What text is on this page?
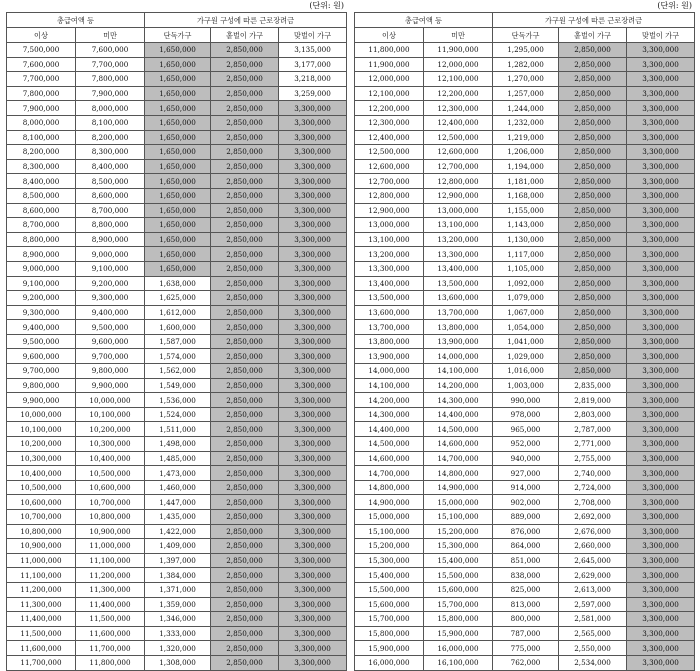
(단위: 원)
총급여액 등		가구원 구성에 따른 근로장려금		
이상	미만	단독가구	홑벌이 가구	맞벌이 가구
7,500,000	7,600,000	1,650,000	2,850,000	3,135,000
7,600,000	7,700,000	1,650,000	2,850,000	3,177,000
7,700,000	7,800,000	1,650,000	2,850,000	3,218,000
7,800,000	7,900,000	1,650,000	2,850,000	3,259,000
7,900,000	8,000,000	1,650,000	2,850,000	3,300,000
8,000,000	8,100,000	1,650,000	2,850,000	3,300,000
8,100,000	8,200,000	1,650,000	2,850,000	3,300,000
8,200,000	8,300,000	1,650,000	2,850,000	3,300,000
8,300,000	8,400,000	1,650,000	2,850,000	3,300,000
8,400,000	8,500,000	1,650,000	2,850,000	3,300,000
8,500,000	8,600,000	1,650,000	2,850,000	3,300,000
8,600,000	8,700,000	1,650,000	2,850,000	3,300,000
8,700,000	8,800,000	1,650,000	2,850,000	3,300,000
8,800,000	8,900,000	1,650,000	2,850,000	3,300,000
8,900,000	9,000,000	1,650,000	2,850,000	3,300,000
9,000,000	9,100,000	1,650,000	2,850,000	3,300,000
9,100,000	9,200,000	1,638,000	2,850,000	3,300,000
9,200,000	9,300,000	1,625,000	2,850,000	3,300,000
9,300,000	9,400,000	1,612,000	2,850,000	3,300,000
9,400,000	9,500,000	1,600,000	2,850,000	3,300,000
9,500,000	9,600,000	1,587,000	2,850,000	3,300,000
9,600,000	9,700,000	1,574,000	2,850,000	3,300,000
9,700,000	9,800,000	1,562,000	2,850,000	3,300,000
9,800,000	9,900,000	1,549,000	2,850,000	3,300,000
9,900,000	10,000,000	1,536,000	2,850,000	3,300,000
10,000,000	10,100,000	1,524,000	2,850,000	3,300,000
10,100,000	10,200,000	1,511,000	2,850,000	3,300,000
10,200,000	10,300,000	1,498,000	2,850,000	3,300,000
10,300,000	10,400,000	1,485,000	2,850,000	3,300,000
10,400,000	10,500,000	1,473,000	2,850,000	3,300,000
10,500,000	10,600,000	1,460,000	2,850,000	3,300,000
10,600,000	10,700,000	1,447,000	2,850,000	3,300,000
10,700,000	10,800,000	1,435,000	2,850,000	3,300,000
10,800,000	10,900,000	1,422,000	2,850,000	3,300,000
10,900,000	11,000,000	1,409,000	2,850,000	3,300,000
11,000,000	11,100,000	1,397,000	2,850,000	3,300,000
11,100,000	11,200,000	1,384,000	2,850,000	3,300,000
11,200,000	11,300,000	1,371,000	2,850,000	3,300,000
11,300,000	11,400,000	1,359,000	2,850,000	3,300,000
11,400,000	11,500,000	1,346,000	2,850,000	3,300,000
11,500,000	11,600,000	1,333,000	2,850,000	3,300,000
11,600,000	11,700,000	1,320,000	2,850,000	3,300,000
11,700,000	11,800,000	1,308,000	2,850,000	3,300,000
(단위: 원)
총급여액 등		가구원 구성에 따른 근로장려금		
이상	미만	단독가구	홑벌이 가구	맞벌이 가구
11,800,000	11,900,000	1,295,000	2,850,000	3,300,000
11,900,000	12,000,000	1,282,000	2,850,000	3,300,000
12,000,000	12,100,000	1,270,000	2,850,000	3,300,000
12,100,000	12,200,000	1,257,000	2,850,000	3,300,000
12,200,000	12,300,000	1,244,000	2,850,000	3,300,000
12,300,000	12,400,000	1,232,000	2,850,000	3,300,000
12,400,000	12,500,000	1,219,000	2,850,000	3,300,000
12,500,000	12,600,000	1,206,000	2,850,000	3,300,000
12,600,000	12,700,000	1,194,000	2,850,000	3,300,000
12,700,000	12,800,000	1,181,000	2,850,000	3,300,000
12,800,000	12,900,000	1,168,000	2,850,000	3,300,000
12,900,000	13,000,000	1,155,000	2,850,000	3,300,000
13,000,000	13,100,000	1,143,000	2,850,000	3,300,000
13,100,000	13,200,000	1,130,000	2,850,000	3,300,000
13,200,000	13,300,000	1,117,000	2,850,000	3,300,000
13,300,000	13,400,000	1,105,000	2,850,000	3,300,000
13,400,000	13,500,000	1,092,000	2,850,000	3,300,000
13,500,000	13,600,000	1,079,000	2,850,000	3,300,000
13,600,000	13,700,000	1,067,000	2,850,000	3,300,000
13,700,000	13,800,000	1,054,000	2,850,000	3,300,000
13,800,000	13,900,000	1,041,000	2,850,000	3,300,000
13,900,000	14,000,000	1,029,000	2,850,000	3,300,000
14,000,000	14,100,000	1,016,000	2,850,000	3,300,000
14,100,000	14,200,000	1,003,000	2,835,000	3,300,000
14,200,000	14,300,000	990,000	2,819,000	3,300,000
14,300,000	14,400,000	978,000	2,803,000	3,300,000
14,400,000	14,500,000	965,000	2,787,000	3,300,000
14,500,000	14,600,000	952,000	2,771,000	3,300,000
14,600,000	14,700,000	940,000	2,755,000	3,300,000
14,700,000	14,800,000	927,000	2,740,000	3,300,000
14,800,000	14,900,000	914,000	2,724,000	3,300,000
14,900,000	15,000,000	902,000	2,708,000	3,300,000
15,000,000	15,100,000	889,000	2,692,000	3,300,000
15,100,000	15,200,000	876,000	2,676,000	3,300,000
15,200,000	15,300,000	864,000	2,660,000	3,300,000
15,300,000	15,400,000	851,000	2,645,000	3,300,000
15,400,000	15,500,000	838,000	2,629,000	3,300,000
15,500,000	15,600,000	825,000	2,613,000	3,300,000
15,600,000	15,700,000	813,000	2,597,000	3,300,000
15,700,000	15,800,000	800,000	2,581,000	3,300,000
15,800,000	15,900,000	787,000	2,565,000	3,300,000
15,900,000	16,000,000	775,000	2,550,000	3,300,000
16,000,000	16,100,000	762,000	2,534,000	3,300,000
